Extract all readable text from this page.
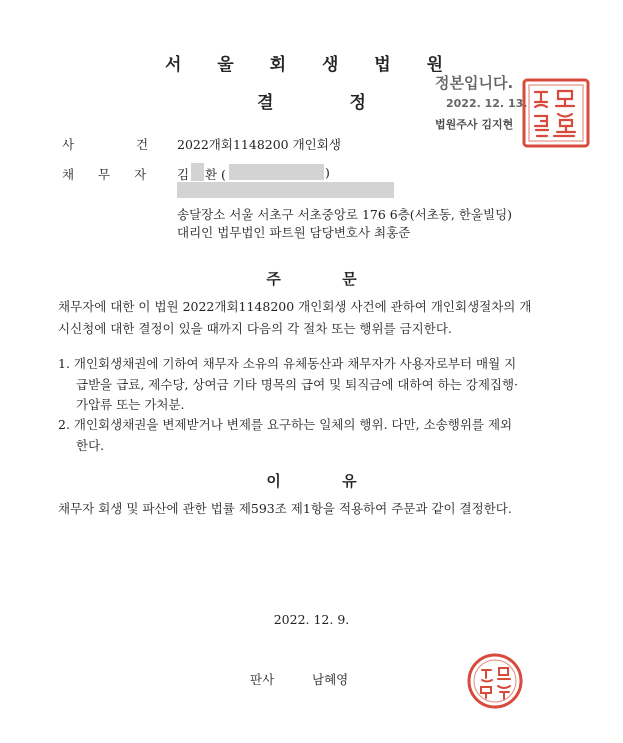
서 울 회 생 법 원
결 정
정본입니다.
2022. 12. 13.
법원주사 김지현
사 건 2022개회1148200 개인회생
채 무 자 김 환 (	)
송달장소 서울 서초구 서초중앙로 176 6층(서초동, 한울빌딩)
대리인 법무법인 파트원 담당변호사 최홍준
주 문
채무자에 대한 이 법원 2022개회1148200 개인회생 사건에 관하여 개인회생절차의 개
시신청에 대한 결정이 있을 때까지 다음의 각 절차 또는 행위를 금지한다.
1. 개인회생채권에 기하여 채무자 소유의 유체동산과 채무자가 사용자로부터 매월 지
급받을 급료, 제수당, 상여금 기타 명목의 급여 및 퇴직금에 대하여 하는 강제집행·
가압류 또는 가처분.
2. 개인회생채권을 변제받거나 변제를 요구하는 일체의 행위. 다만, 소송행위를 제외
한다.
이 유
채무자 회생 및 파산에 관한 법률 제593조 제1항을 적용하여 주문과 같이 결정한다.
2022. 12. 9.
판사	남혜영
